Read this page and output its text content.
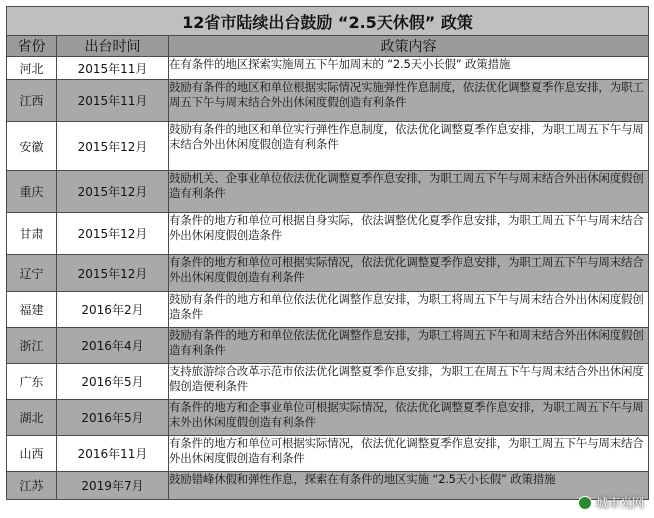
12省市陆续出台鼓励 “2.5天休假” 政策		
省份	出台时间	政策内容
河北	2015年11月	在有条件的地区探索实施周五下午加周末的 “2.5天小长假” 政策措施
江西	2015年11月	鼓励有条件的地区和单位根据实际情况实施弹性作息制度，依法优化调整夏季作息安排，为职工周五下午与周末结合外出休闲度假创造有利条件
安徽	2015年12月	鼓励有条件的地区和单位实行弹性作息制度，依法优化调整夏季作息安排，为职工周五下午与周末结合外出休闲度假创造有利条件
重庆	2015年12月	鼓励机关、企事业单位依法优化调整夏季作息安排，为职工周五下午与周末结合外出休闲度假创造有利条件
甘肃	2015年12月	有条件的地方和单位可根据自身实际，依法调整优化夏季作息安排，为职工周五下午与周末结合外出休闲度假创造条件
辽宁	2015年12月	有条件的地方和单位可根据实际情况，依法优化调整夏季作息安排，为职工周五下午与周末结合外出休闲度假创造有利条件
福建	2016年2月	鼓励有条件的地方和单位依法优化调整作息安排，为职工将周五下午与周末结合外出休闲度假创造条件
浙江	2016年4月	鼓励有条件的地方和单位依法优化调整作息安排，为职工将周五下午和周末结合外出休闲度假创造有利条件
广东	2016年5月	支持旅游综合改革示范市依法优化调整夏季作息安排，为职工在周五下午与周末结合外出休闲度假创造便利条件
湖北	2016年5月	有条件的地方和企事业单位可根据实际情况，依法优化调整夏季作息安排，为职工周五下午与周末外出休闲度假创造有利条件
山西	2016年11月	有条件的地方和单位可根据实际情况，依法优化调整夏季作息安排，为职工周五下午与周末结合外出休闲度假创造有利条件
江苏	2019年7月	鼓励错峰休假和弹性作息，探索在有条件的地区实施 “2.5天小长假” 政策措施
城市光网
